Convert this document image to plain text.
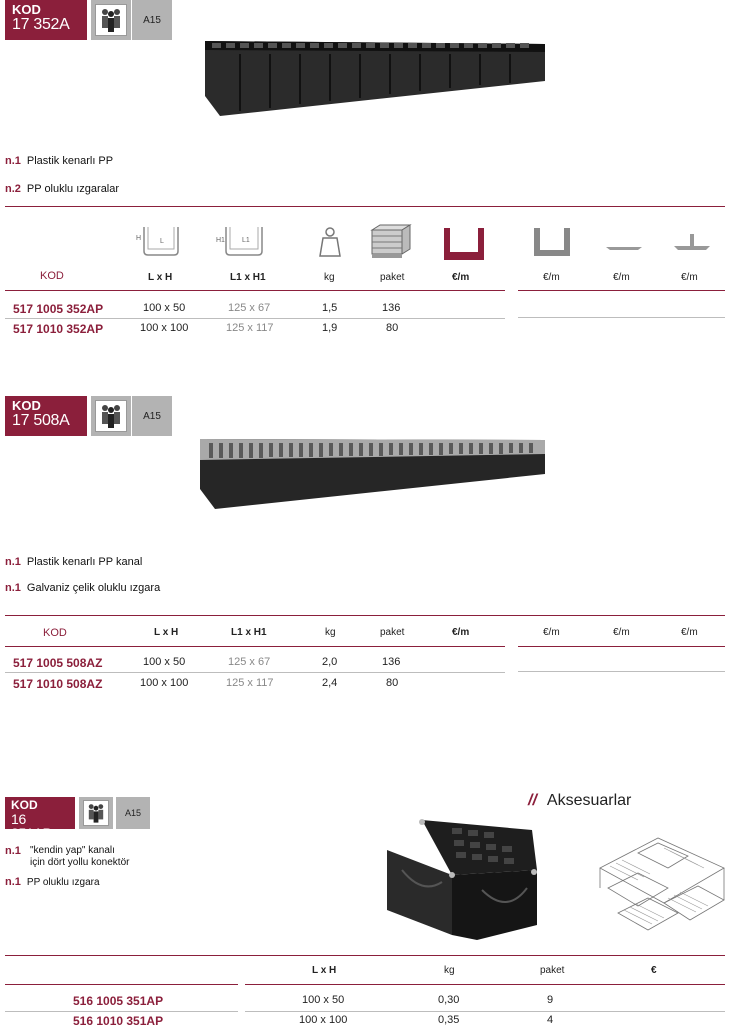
KOD
17 352A	A15
n.1 Plastik kenarlı PP
n.2 PP oluklu ızgaralar
H	L	H1 L1
KOD	L x H	L1 x H1	kg	paket	€/m	€/m	€/m	€/m
517 1005 352AP	100 x 50	125 x 67	1,5	136
517 1010 352AP	100 x 100	125 x 117	1,9	80
KOD
17 508A	A15
n.1 Plastik kenarlı PP kanal
n.1 Galvaniz çelik oluklu ızgara
KOD	L x H	L1 x H1	kg	paket	€/m	€/m	€/m	€/m
517 1005 508AZ	100 x 50	125 x 67	2,0	136
517 1010 508AZ	100 x 100	125 x 117	2,4	80
KOD
16 351AP
A15
n.1 "kendin yap" kanalı
için dört yollu konektör
n.1 PP oluklu ızgara
// Aksesuarlar
L x H	kg	paket	€
516 1005 351AP	100 x 50	0,30	9
516 1010 351AP	100 x 100	0,35	4
